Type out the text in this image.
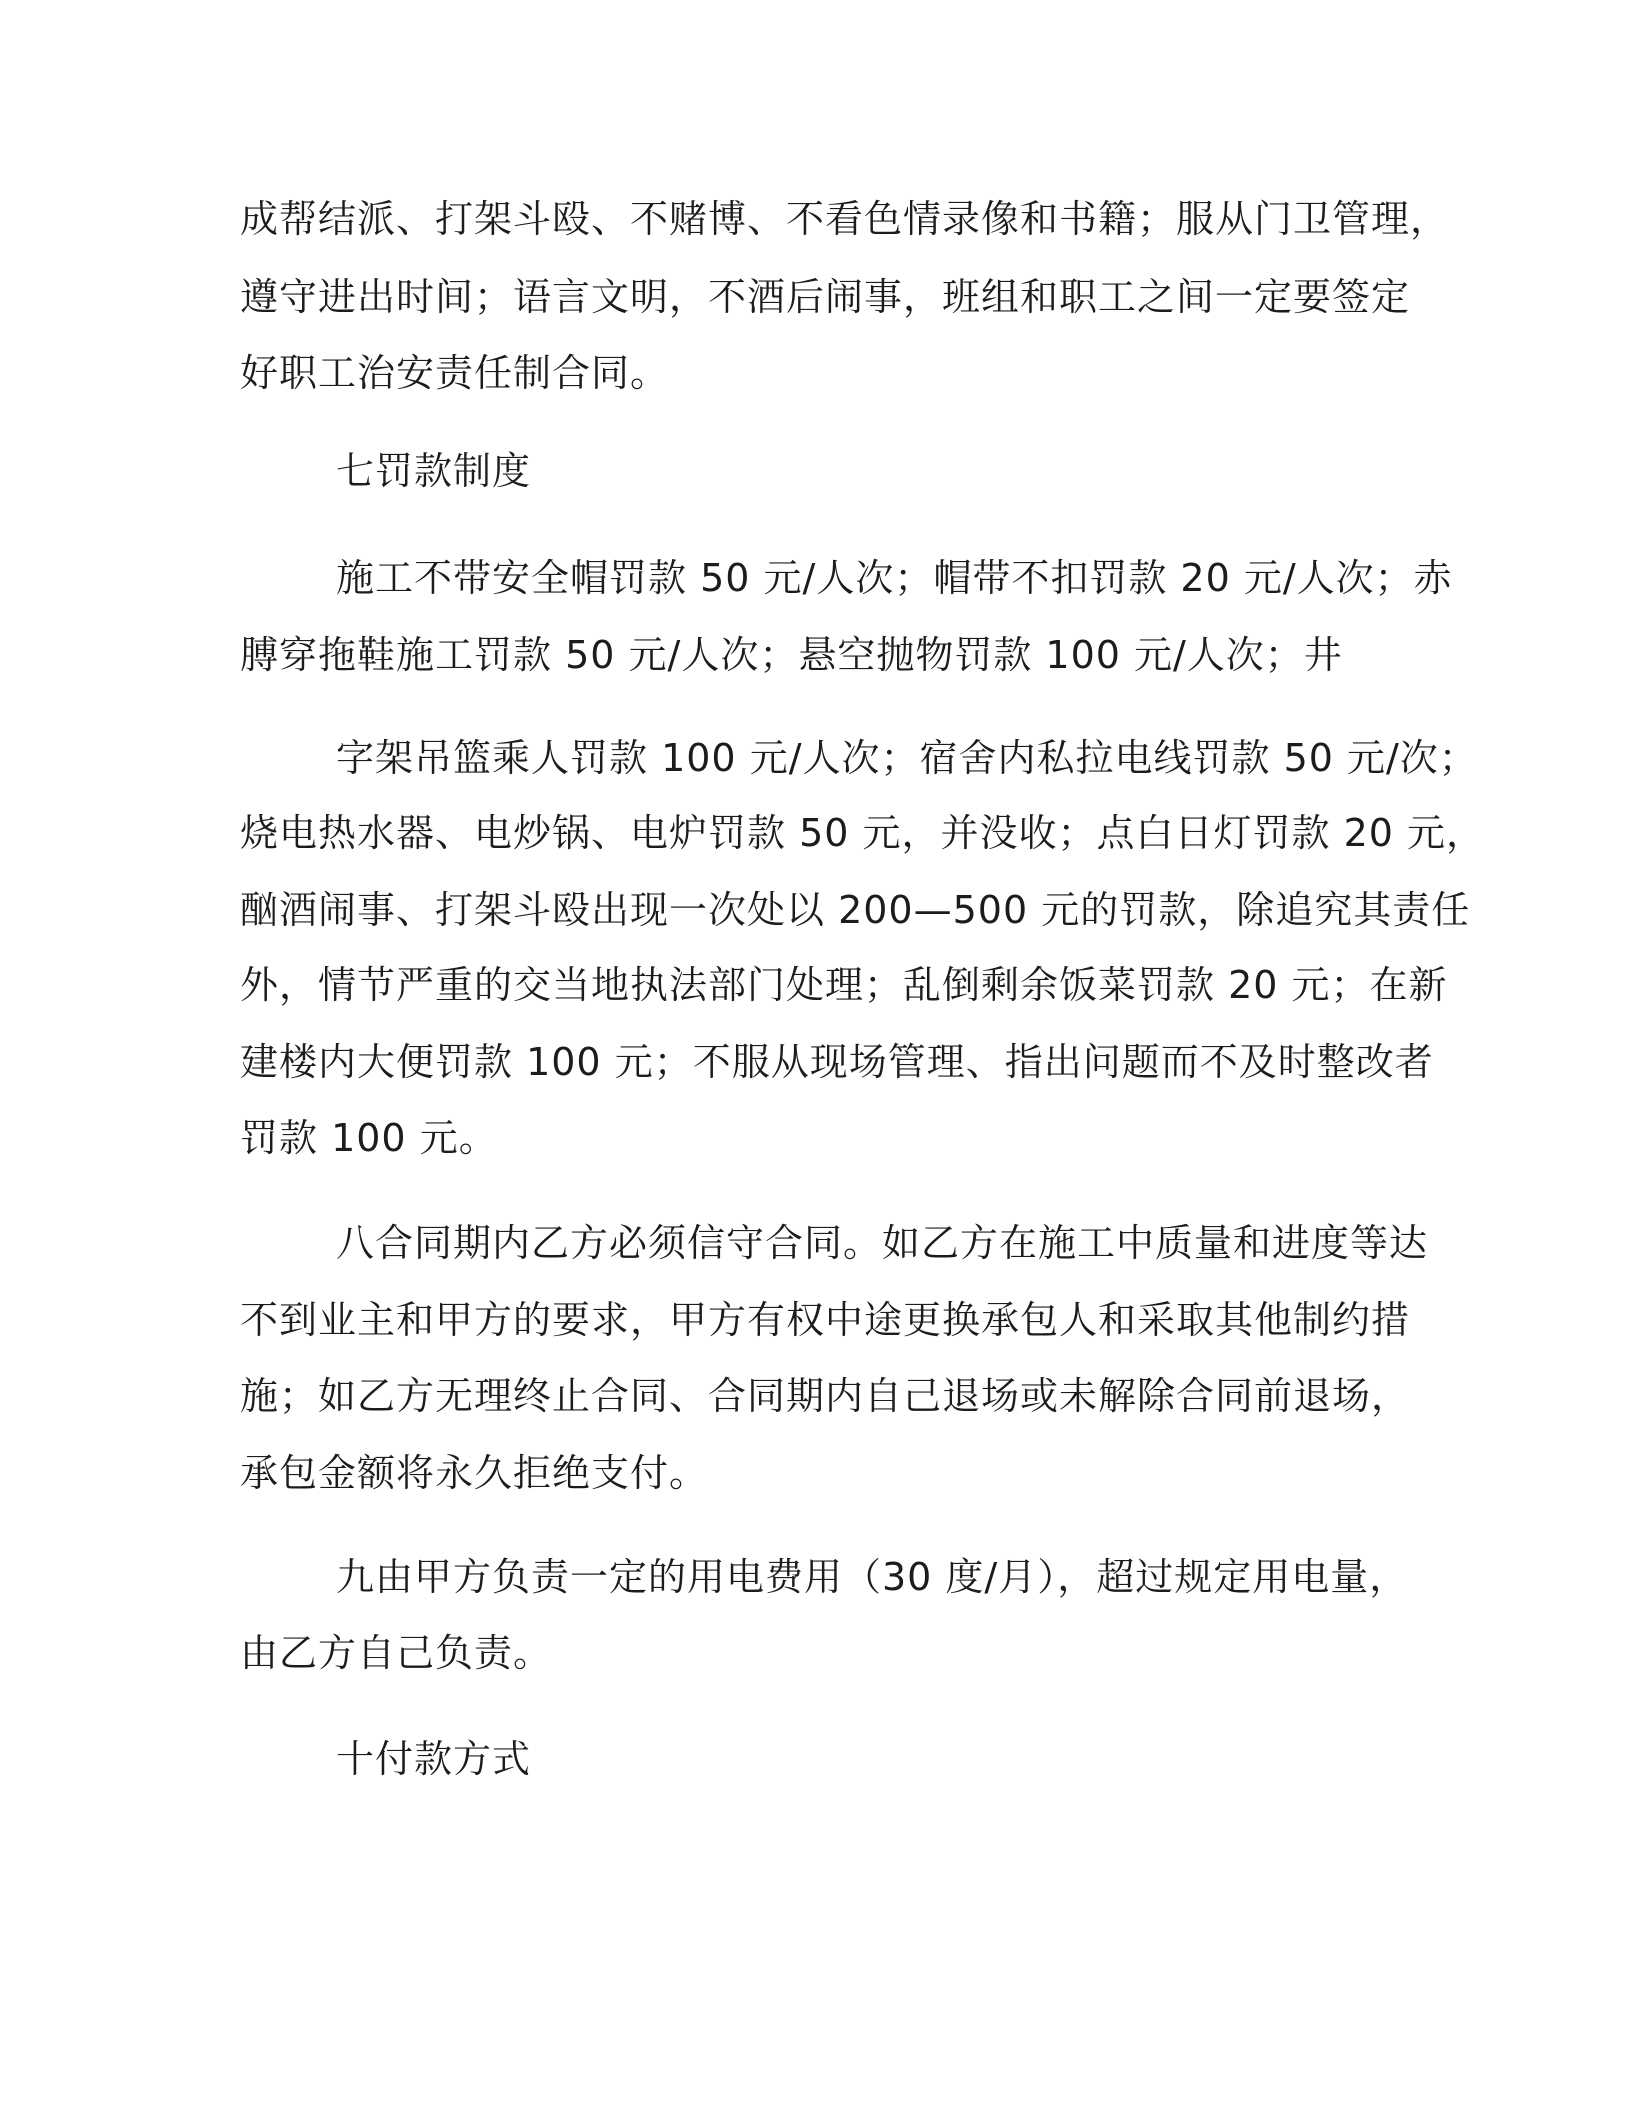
成帮结派、打架斗殴、不赌博、不看色情录像和书籍；服从门卫管理，
遵守进出时间；语言文明，不酒后闹事，班组和职工之间一定要签定
好职工治安责任制合同。
七罚款制度
施工不带安全帽罚款 50 元/人次；帽带不扣罚款 20 元/人次；赤
膊穿拖鞋施工罚款 50 元/人次；悬空抛物罚款 100 元/人次；井
字架吊篮乘人罚款 100 元/人次；宿舍内私拉电线罚款 50 元/次；
烧电热水器、电炒锅、电炉罚款 50 元，并没收；点白日灯罚款 20 元，
酗酒闹事、打架斗殴出现一次处以 200—500 元的罚款，除追究其责任
外，情节严重的交当地执法部门处理；乱倒剩余饭菜罚款 20 元；在新
建楼内大便罚款 100 元；不服从现场管理、指出问题而不及时整改者
罚款 100 元。
八合同期内乙方必须信守合同。如乙方在施工中质量和进度等达
不到业主和甲方的要求，甲方有权中途更换承包人和采取其他制约措
施；如乙方无理终止合同、合同期内自己退场或未解除合同前退场，
承包金额将永久拒绝支付。
九由甲方负责一定的用电费用（30 度/月），超过规定用电量，
由乙方自己负责。
十付款方式
